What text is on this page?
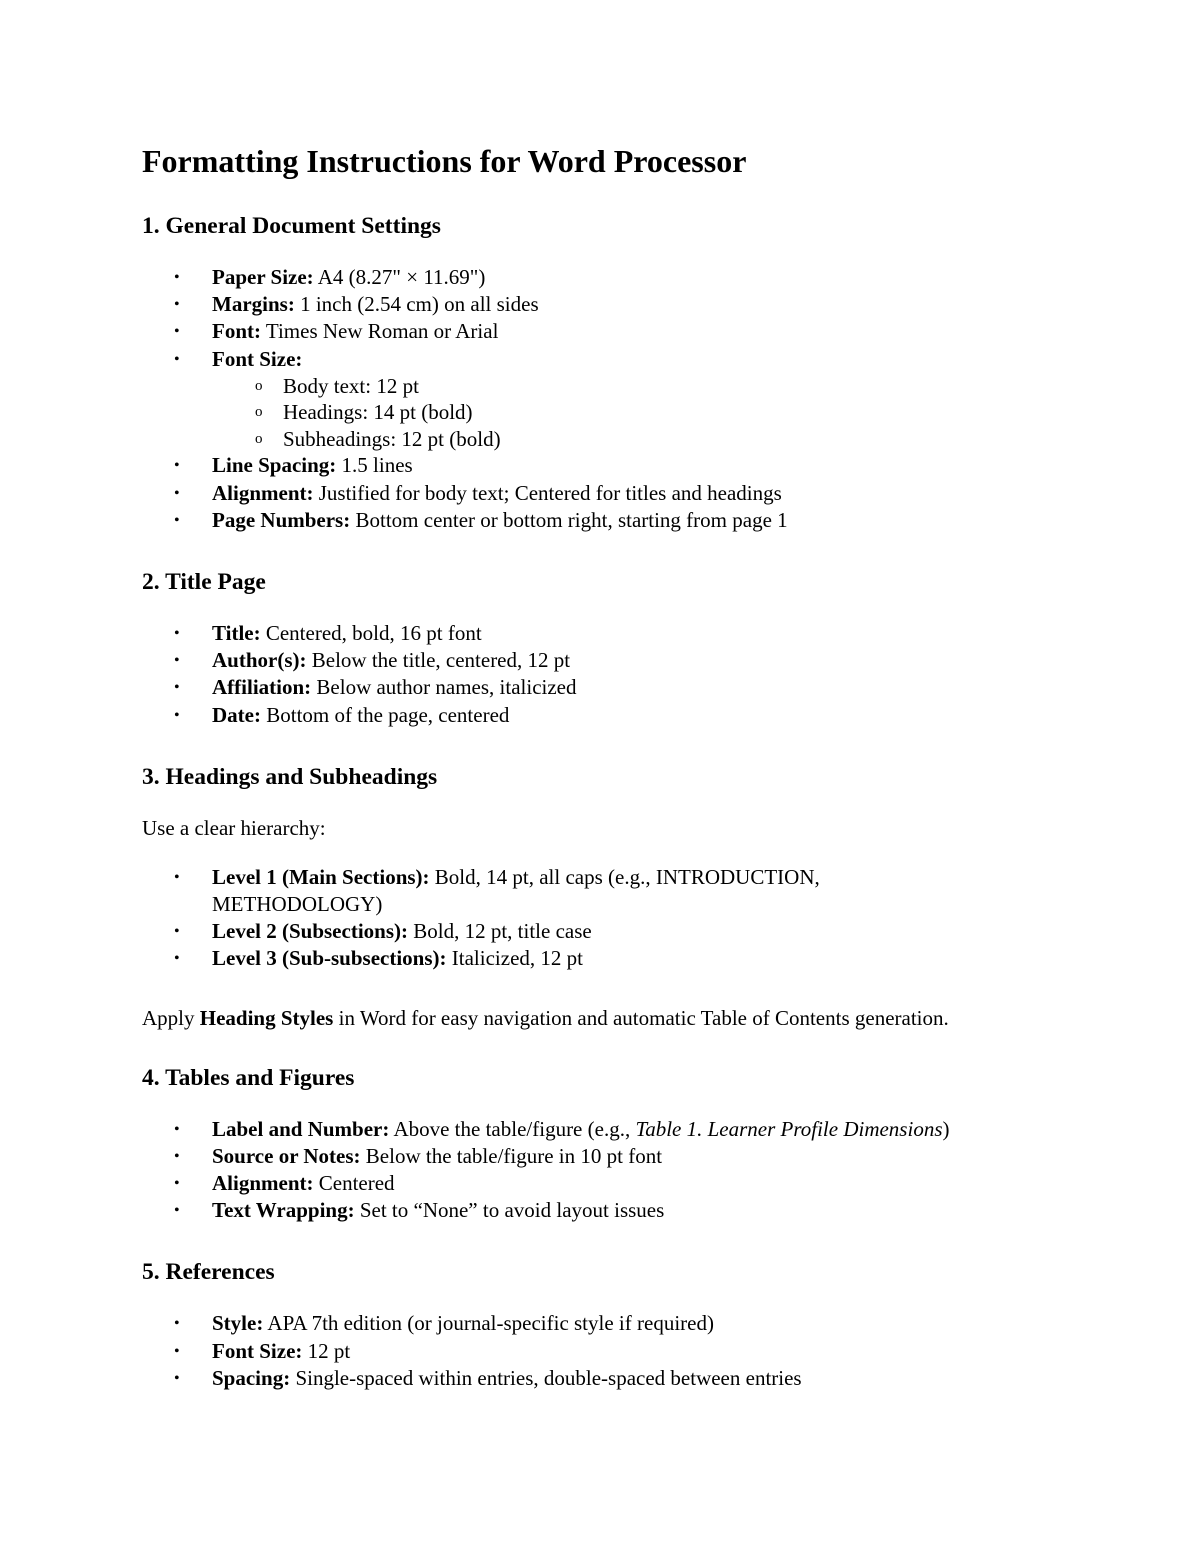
Formatting Instructions for Word Processor
1. General Document Settings
• Paper Size: A4 (8.27" × 11.69")
• Margins: 1 inch (2.54 cm) on all sides
• Font: Times New Roman or Arial
• Font Size:
o Body text: 12 pt
o Headings: 14 pt (bold)
o Subheadings: 12 pt (bold)
• Line Spacing: 1.5 lines
• Alignment: Justified for body text; Centered for titles and headings
• Page Numbers: Bottom center or bottom right, starting from page 1
2. Title Page
• Title: Centered, bold, 16 pt font
• Author(s): Below the title, centered, 12 pt
• Affiliation: Below author names, italicized
• Date: Bottom of the page, centered
3. Headings and Subheadings

Use a clear hierarchy:

• Level 1 (Main Sections): Bold, 14 pt, all caps (e.g., INTRODUCTION, METHODOLOGY)
• Level 2 (Subsections): Bold, 12 pt, title case
• Level 3 (Sub-subsections): Italicized, 12 pt

Apply Heading Styles in Word for easy navigation and automatic Table of Contents generation.

4. Tables and Figures
• Label and Number: Above the table/figure (e.g., Table 1. Learner Profile Dimensions)
• Source or Notes: Below the table/figure in 10 pt font
• Alignment: Centered
• Text Wrapping: Set to “None” to avoid layout issues
5. References
• Style: APA 7th edition (or journal-specific style if required)
• Font Size: 12 pt
• Spacing: Single-spaced within entries, double-spaced between entries
